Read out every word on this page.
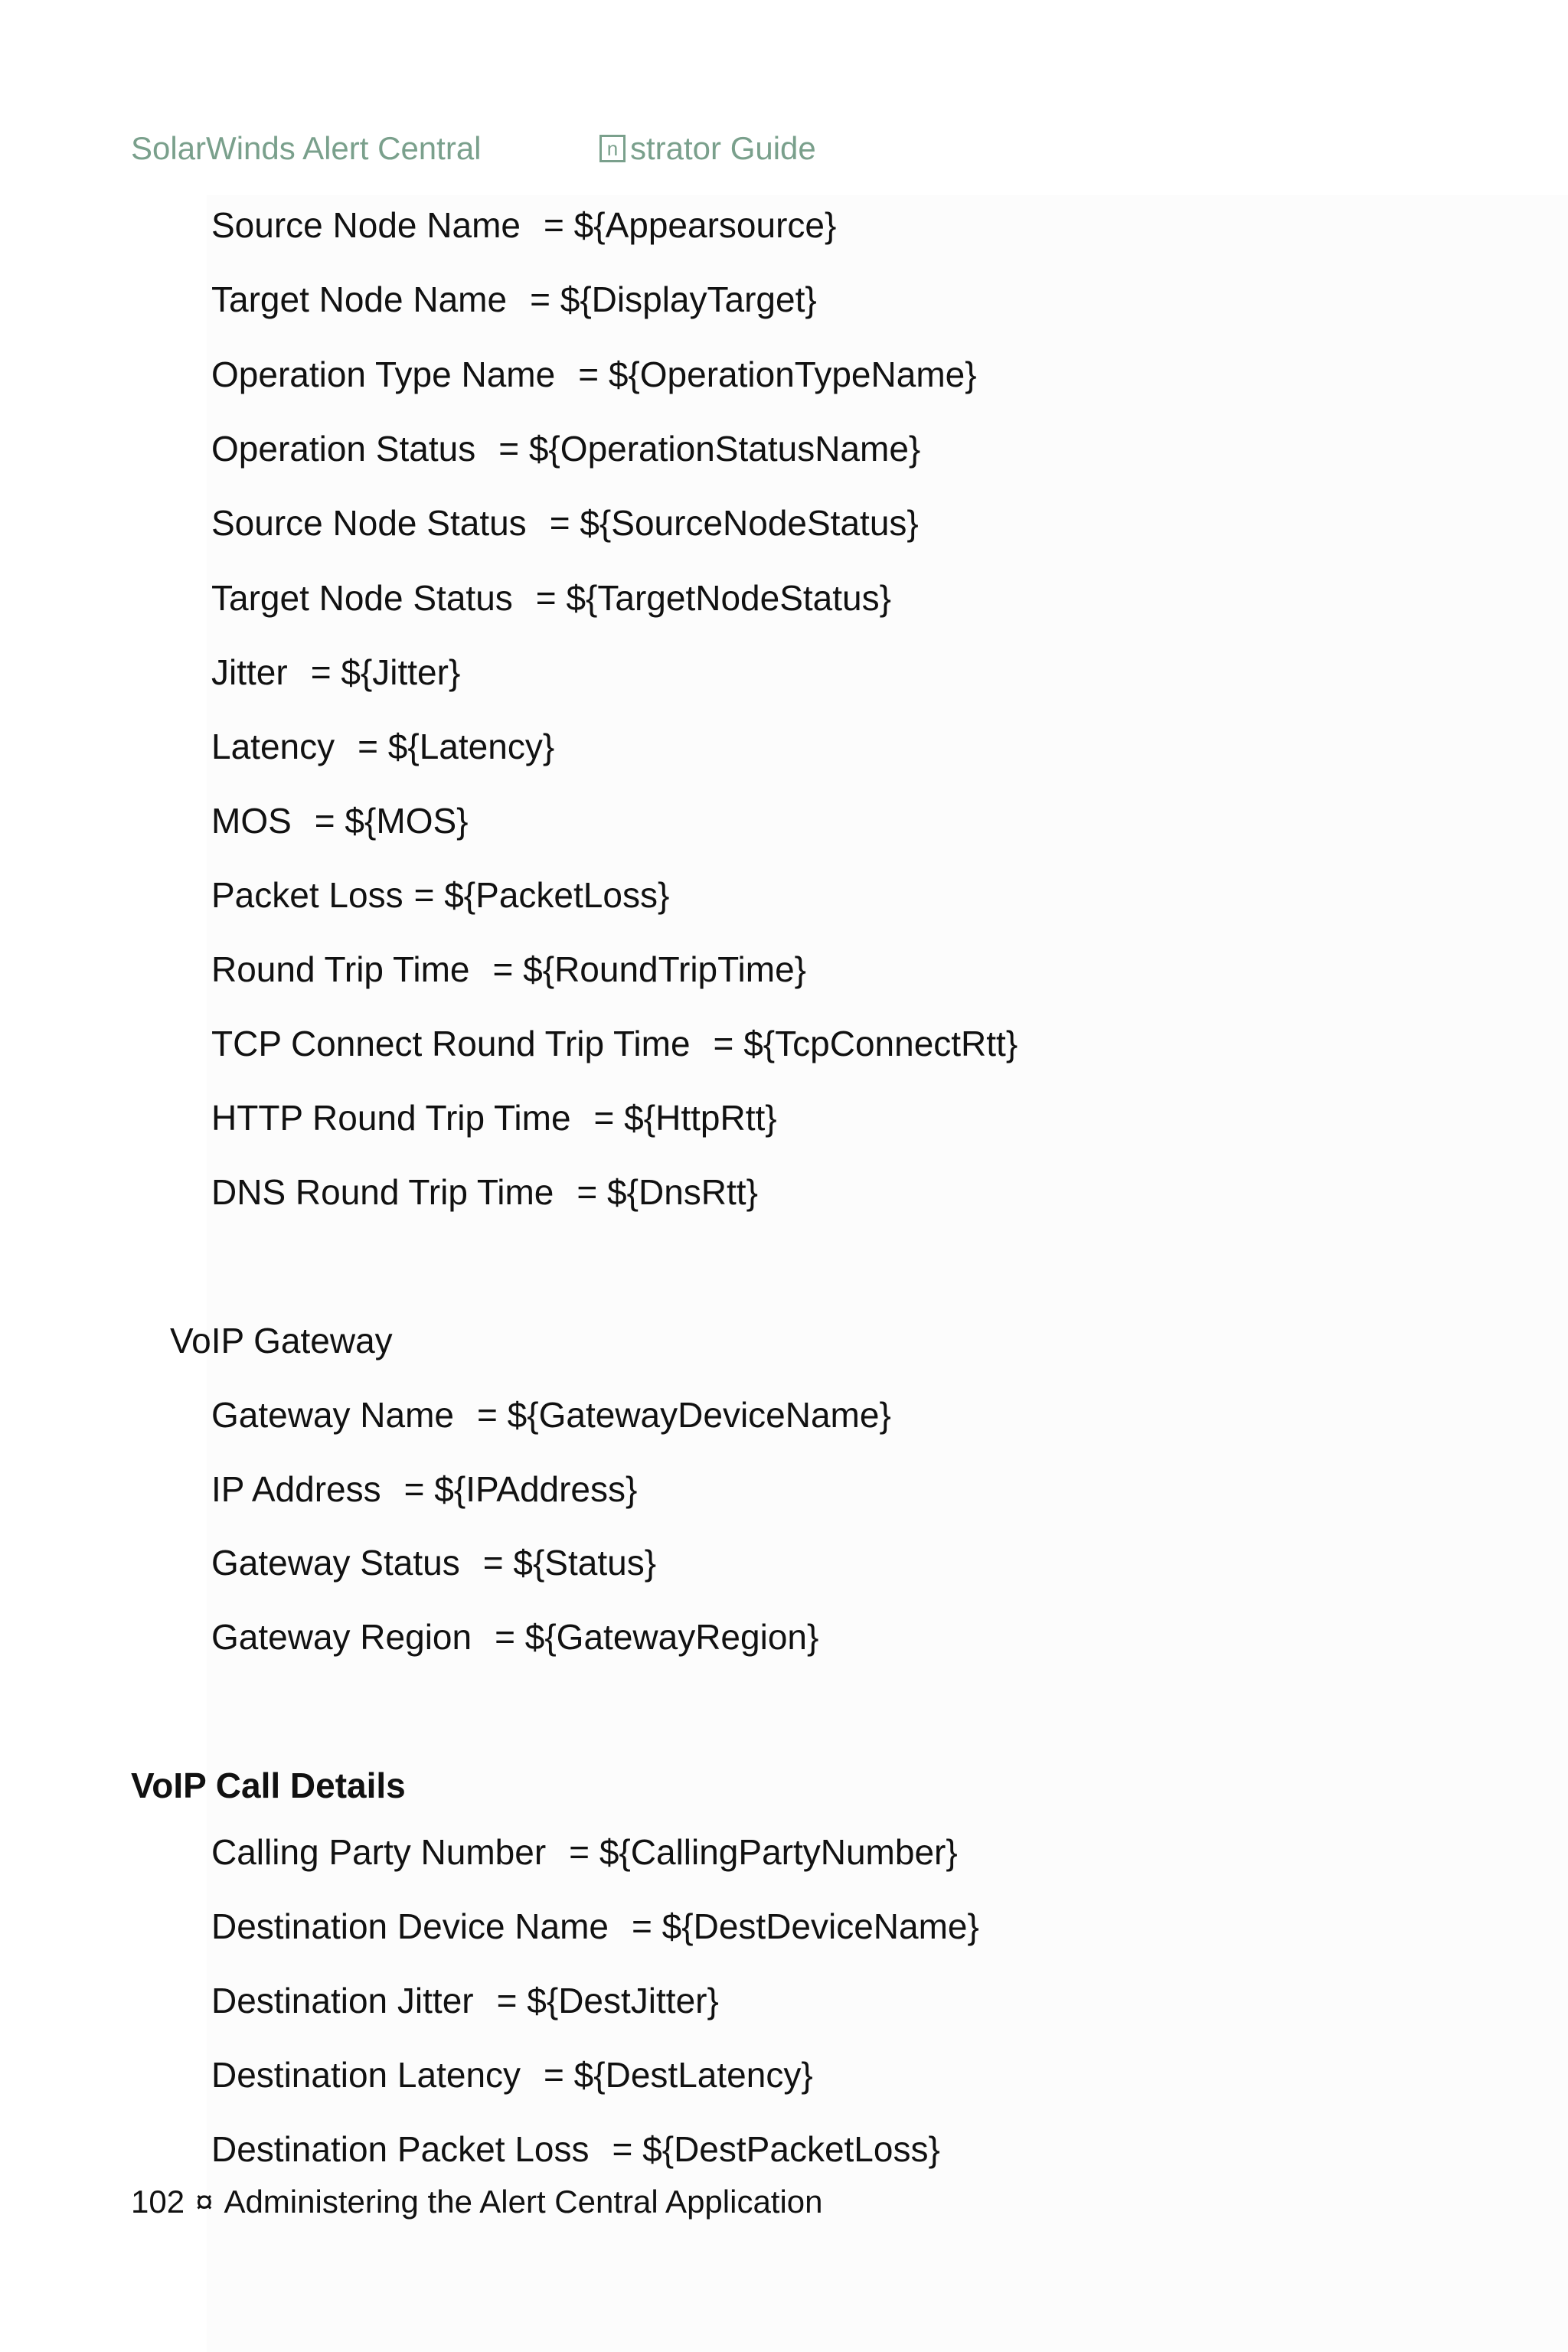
SolarWinds Alert Central	n strator Guide
Source Node Name = ${Appearsource}
Target Node Name = ${DisplayTarget}
Operation Type Name = ${OperationTypeName}
Operation Status = ${OperationStatusName}
Source Node Status = ${SourceNodeStatus}
Target Node Status = ${TargetNodeStatus}
Jitter = ${Jitter}
Latency = ${Latency}
MOS = ${MOS}
Packet Loss = ${PacketLoss}
Round Trip Time = ${RoundTripTime}
TCP Connect Round Trip Time = ${TcpConnectRtt}
HTTP Round Trip Time = ${HttpRtt}
DNS Round Trip Time = ${DnsRtt}
VoIP Gateway
Gateway Name = ${GatewayDeviceName}
IP Address = ${IPAddress}
Gateway Status = ${Status}
Gateway Region = ${GatewayRegion}
VoIP Call Details
Calling Party Number = ${CallingPartyNumber}
Destination Device Name = ${DestDeviceName}
Destination Jitter = ${DestJitter}
Destination Latency = ${DestLatency}
Destination Packet Loss = ${DestPacketLoss}
102 ¤ Administering the Alert Central Application
